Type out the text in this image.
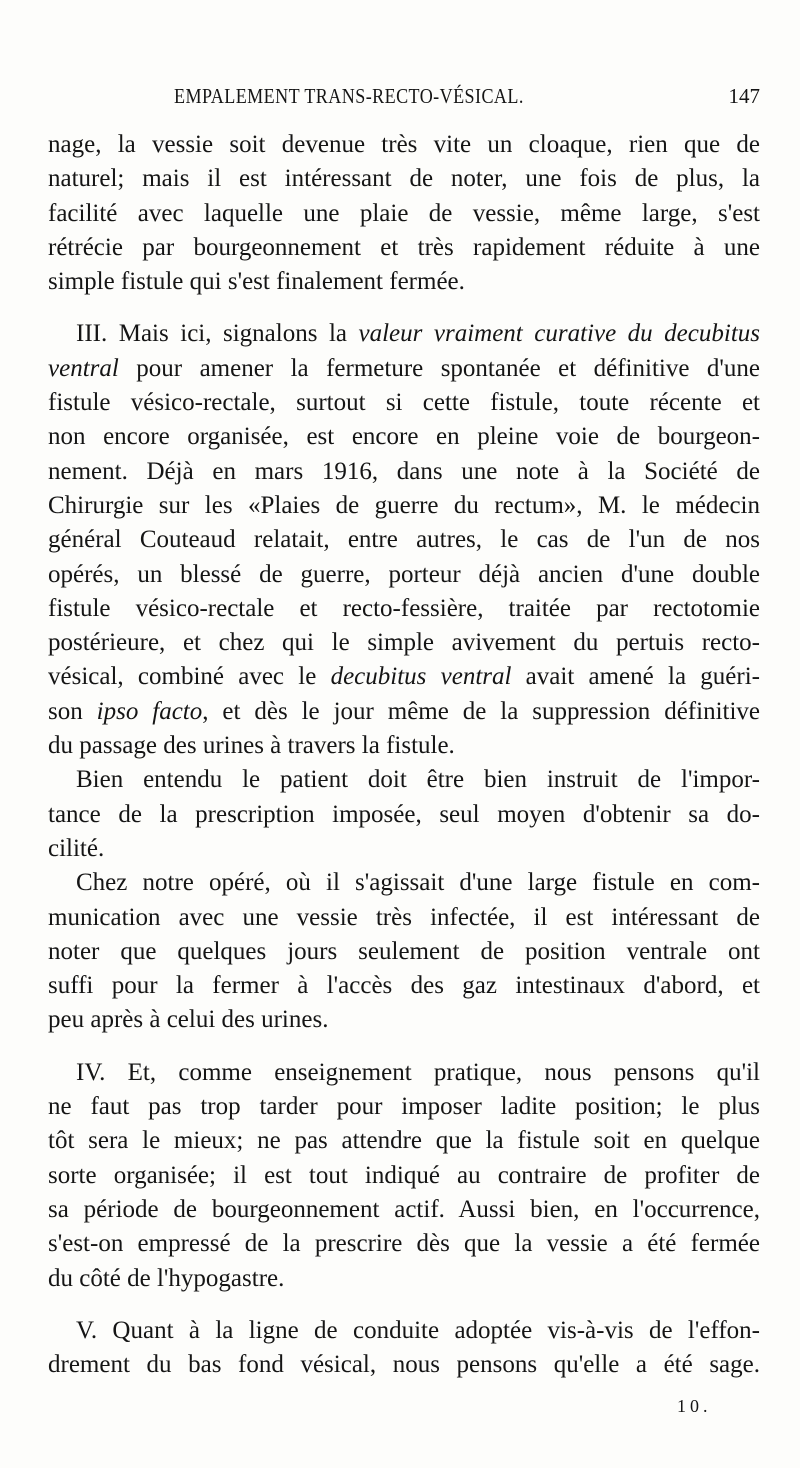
EMPALEMENT TRANS-RECTO-VÉSICAL.	147

nage, la vessie soit devenue très vite un cloaque, rien que de
naturel; mais il est intéressant de noter, une fois de plus, la
facilité avec laquelle une plaie de vessie, même large, s'est
rétrécie par bourgeonnement et très rapidement réduite à une
simple fistule qui s'est finalement fermée.

III. Mais ici, signalons la valeur vraiment curative du decubitus
ventral pour amener la fermeture spontanée et définitive d'une
fistule vésico-rectale, surtout si cette fistule, toute récente et
non encore organisée, est encore en pleine voie de bourgeon-
nement. Déjà en mars 1916, dans une note à la Société de
Chirurgie sur les «Plaies de guerre du rectum», M. le médecin
général Couteaud relatait, entre autres, le cas de l'un de nos
opérés, un blessé de guerre, porteur déjà ancien d'une double
fistule vésico-rectale et recto-fessière, traitée par rectotomie
postérieure, et chez qui le simple avivement du pertuis recto-
vésical, combiné avec le decubitus ventral avait amené la guéri-
son ipso facto, et dès le jour même de la suppression définitive
du passage des urines à travers la fistule.

Bien entendu le patient doit être bien instruit de l'impor-
tance de la prescription imposée, seul moyen d'obtenir sa do-
cilité.

Chez notre opéré, où il s'agissait d'une large fistule en com-
munication avec une vessie très infectée, il est intéressant de
noter que quelques jours seulement de position ventrale ont
suffi pour la fermer à l'accès des gaz intestinaux d'abord, et
peu après à celui des urines.

IV. Et, comme enseignement pratique, nous pensons qu'il
ne faut pas trop tarder pour imposer ladite position; le plus
tôt sera le mieux; ne pas attendre que la fistule soit en quelque
sorte organisée; il est tout indiqué au contraire de profiter de
sa période de bourgeonnement actif. Aussi bien, en l'occurrence,
s'est-on empressé de la prescrire dès que la vessie a été fermée
du côté de l'hypogastre.

V. Quant à la ligne de conduite adoptée vis-à-vis de l'effon-
drement du bas fond vésical, nous pensons qu'elle a été sage.

10.
